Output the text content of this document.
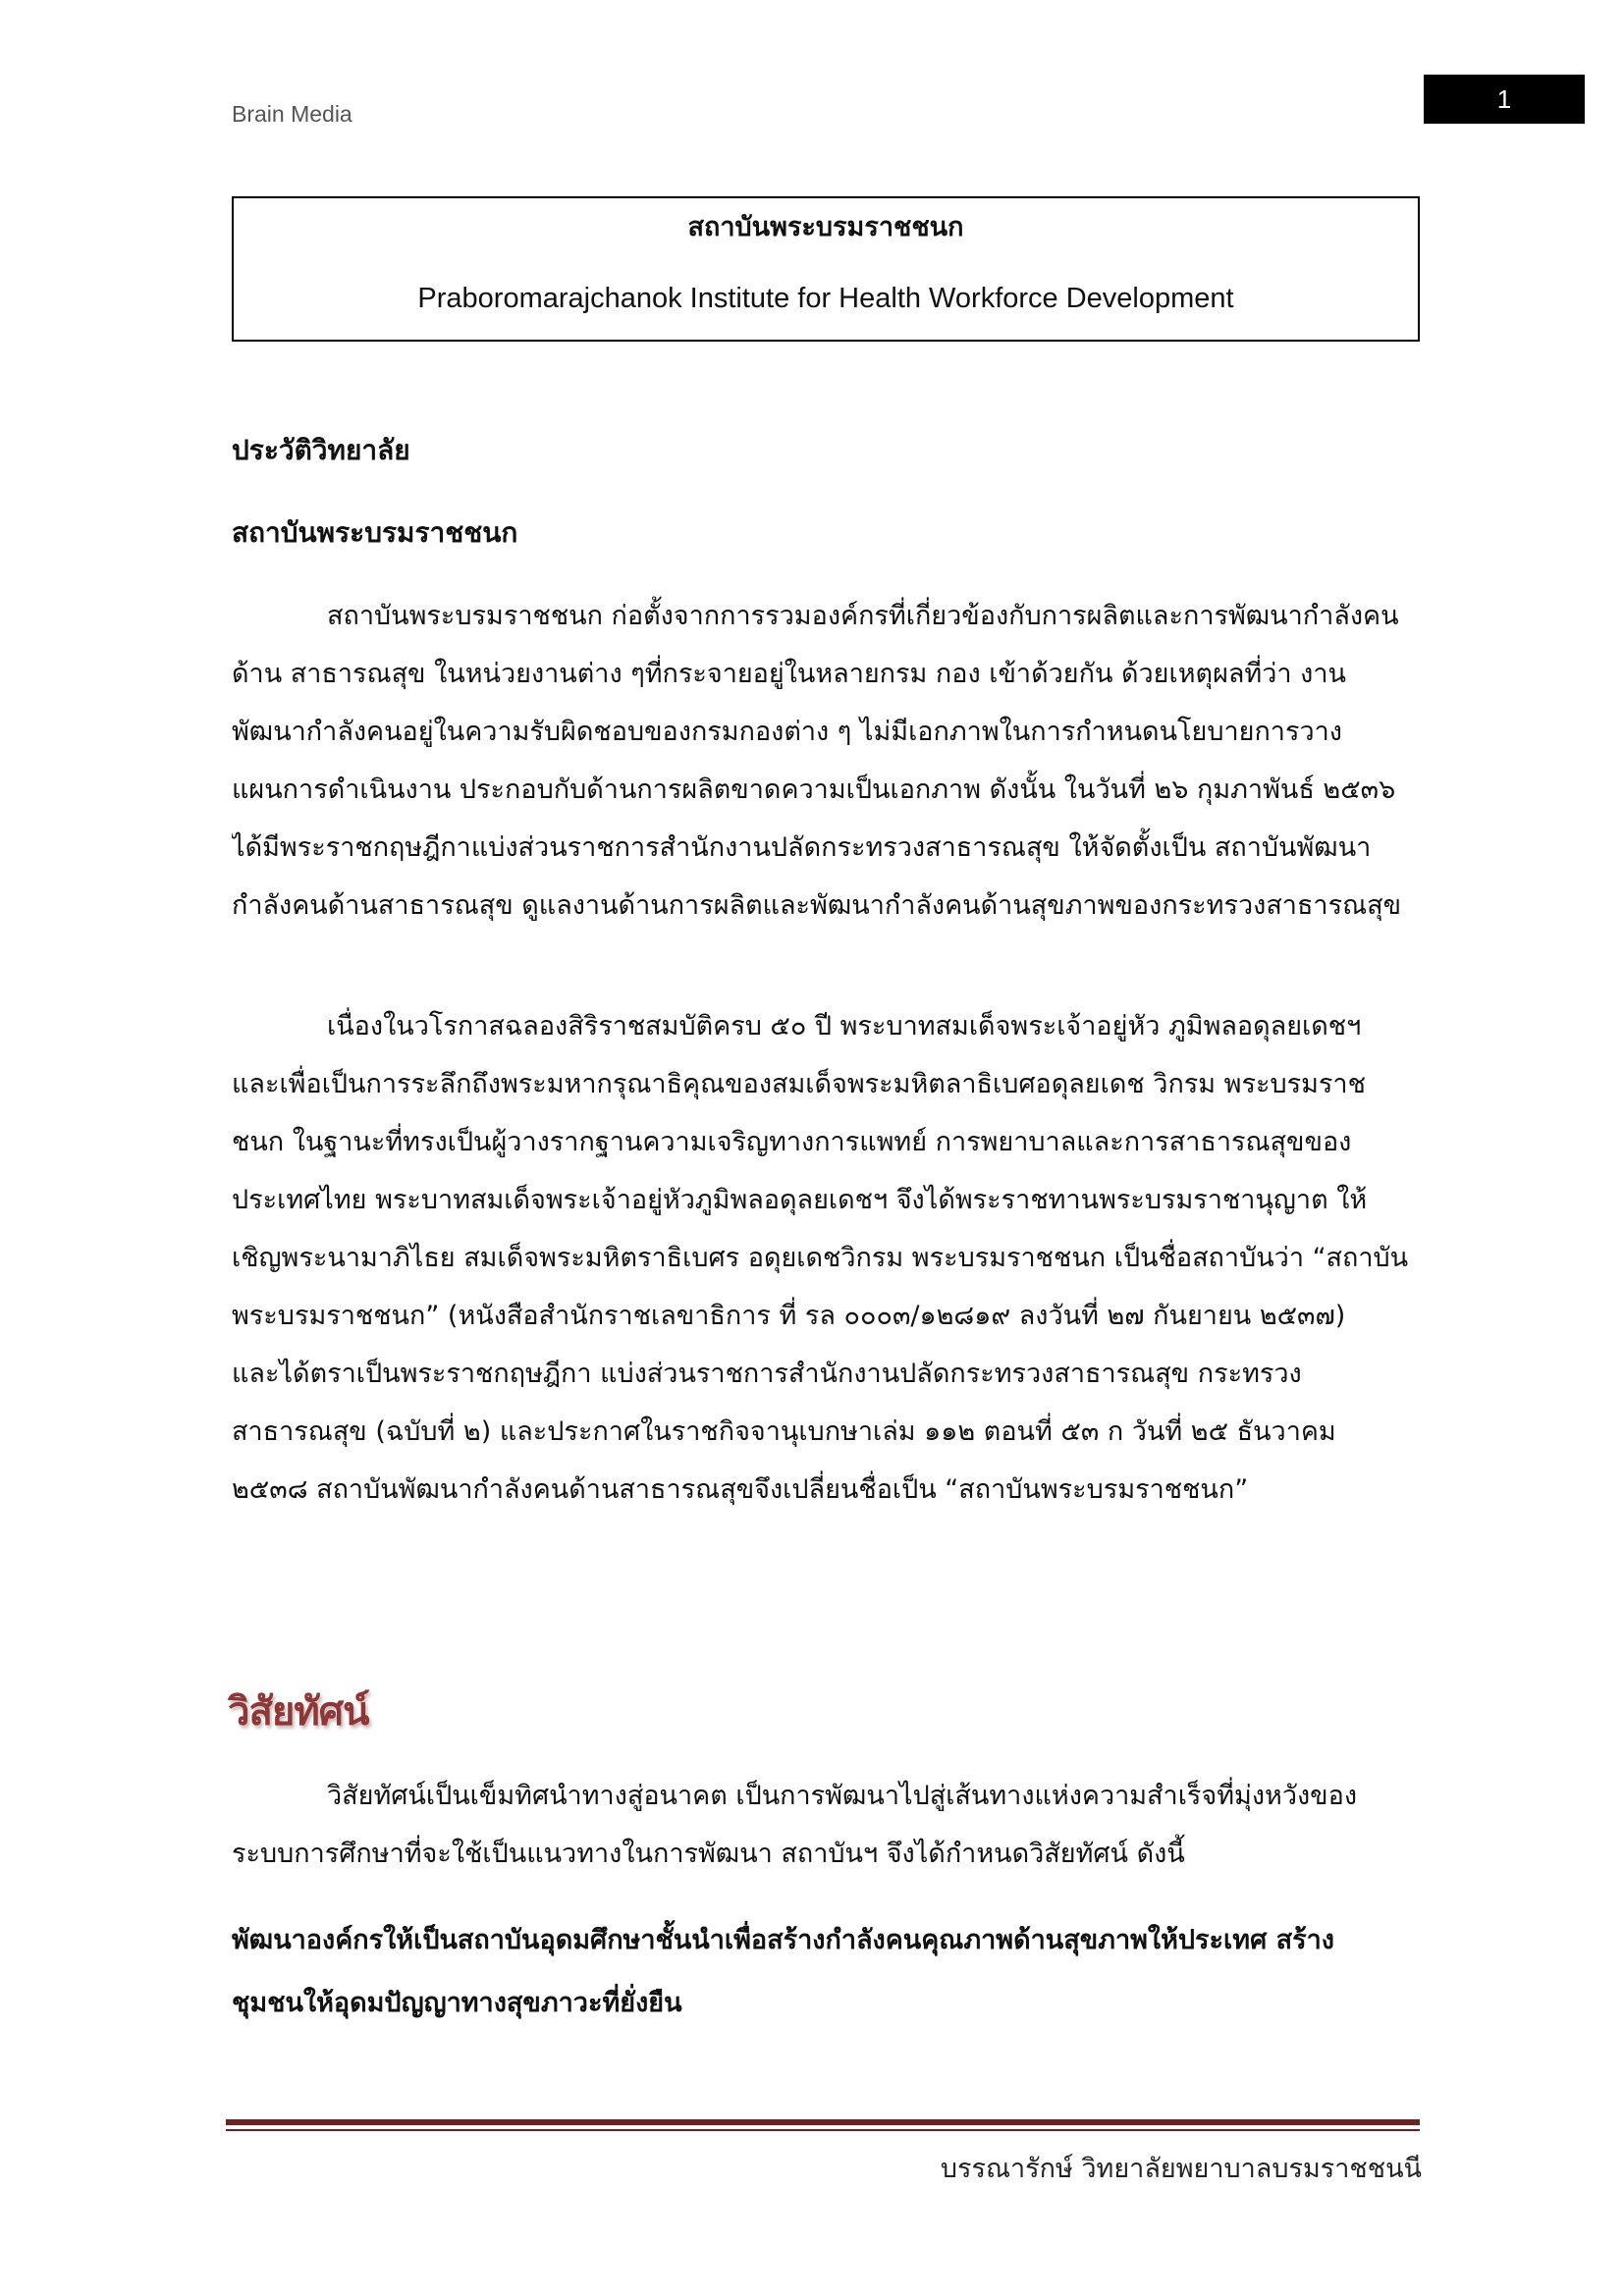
Brain Media	1
สถาบันพระบรมราชชนก
Praboromarajchanok Institute for Health Workforce Development
ประวัติวิทยาลัย
สถาบันพระบรมราชชนก
สถาบันพระบรมราชชนก ก่อตั้งจากการรวมองค์กรที่เกี่ยวข้องกับการผลิตและการพัฒนากำลังคน
ด้าน สาธารณสุข ในหน่วยงานต่าง ๆที่กระจายอยู่ในหลายกรม กอง เข้าด้วยกัน ด้วยเหตุผลที่ว่า งาน
พัฒนากำลังคนอยู่ในความรับผิดชอบของกรมกองต่าง ๆ ไม่มีเอกภาพในการกำหนดนโยบายการวาง
แผนการดำเนินงาน ประกอบกับด้านการผลิตขาดความเป็นเอกภาพ ดังนั้น ในวันที่ ๒๖ กุมภาพันธ์ ๒๕๓๖
ได้มีพระราชกฤษฎีกาแบ่งส่วนราชการสำนักงานปลัดกระทรวงสาธารณสุข ให้จัดตั้งเป็น สถาบันพัฒนา
กำลังคนด้านสาธารณสุข ดูแลงานด้านการผลิตและพัฒนากำลังคนด้านสุขภาพของกระทรวงสาธารณสุข
เนื่องในวโรกาสฉลองสิริราชสมบัติครบ ๕๐ ปี พระบาทสมเด็จพระเจ้าอยู่หัว ภูมิพลอดุลยเดชฯ
และเพื่อเป็นการระลึกถึงพระมหากรุณาธิคุณของสมเด็จพระมหิตลาธิเบศอดุลยเดช วิกรม พระบรมราช
ชนก ในฐานะที่ทรงเป็นผู้วางรากฐานความเจริญทางการแพทย์ การพยาบาลและการสาธารณสุขของ
ประเทศไทย พระบาทสมเด็จพระเจ้าอยู่หัวภูมิพลอดุลยเดชฯ จึงได้พระราชทานพระบรมราชานุญาต ให้
เชิญพระนามาภิไธย สมเด็จพระมหิตราธิเบศร อดุยเดชวิกรม พระบรมราชชนก เป็นชื่อสถาบันว่า “สถาบัน
พระบรมราชชนก” (หนังสือสำนักราชเลขาธิการ ที่ รล ๐๐๐๓/๑๒๘๑๙ ลงวันที่ ๒๗ กันยายน ๒๕๓๗)
และได้ตราเป็นพระราชกฤษฎีกา แบ่งส่วนราชการสำนักงานปลัดกระทรวงสาธารณสุข กระทรวง
สาธารณสุข (ฉบับที่ ๒) และประกาศในราชกิจจานุเบกษาเล่ม ๑๑๒ ตอนที่ ๕๓ ก วันที่ ๒๕ ธันวาคม
๒๕๓๘ สถาบันพัฒนากำลังคนด้านสาธารณสุขจึงเปลี่ยนชื่อเป็น “สถาบันพระบรมราชชนก”
วิสัยทัศน์
วิสัยทัศน์เป็นเข็มทิศนำทางสู่อนาคต เป็นการพัฒนาไปสู่เส้นทางแห่งความสำเร็จที่มุ่งหวังของ
ระบบการศึกษาที่จะใช้เป็นแนวทางในการพัฒนา สถาบันฯ จึงได้กำหนดวิสัยทัศน์ ดังนี้
พัฒนาองค์กรให้เป็นสถาบันอุดมศึกษาชั้นนำเพื่อสร้างกำลังคนคุณภาพด้านสุขภาพให้ประเทศ สร้าง
ชุมชนให้อุดมปัญญาทางสุขภาวะที่ยั่งยืน
บรรณารักษ์ วิทยาลัยพยาบาลบรมราชชนนี
